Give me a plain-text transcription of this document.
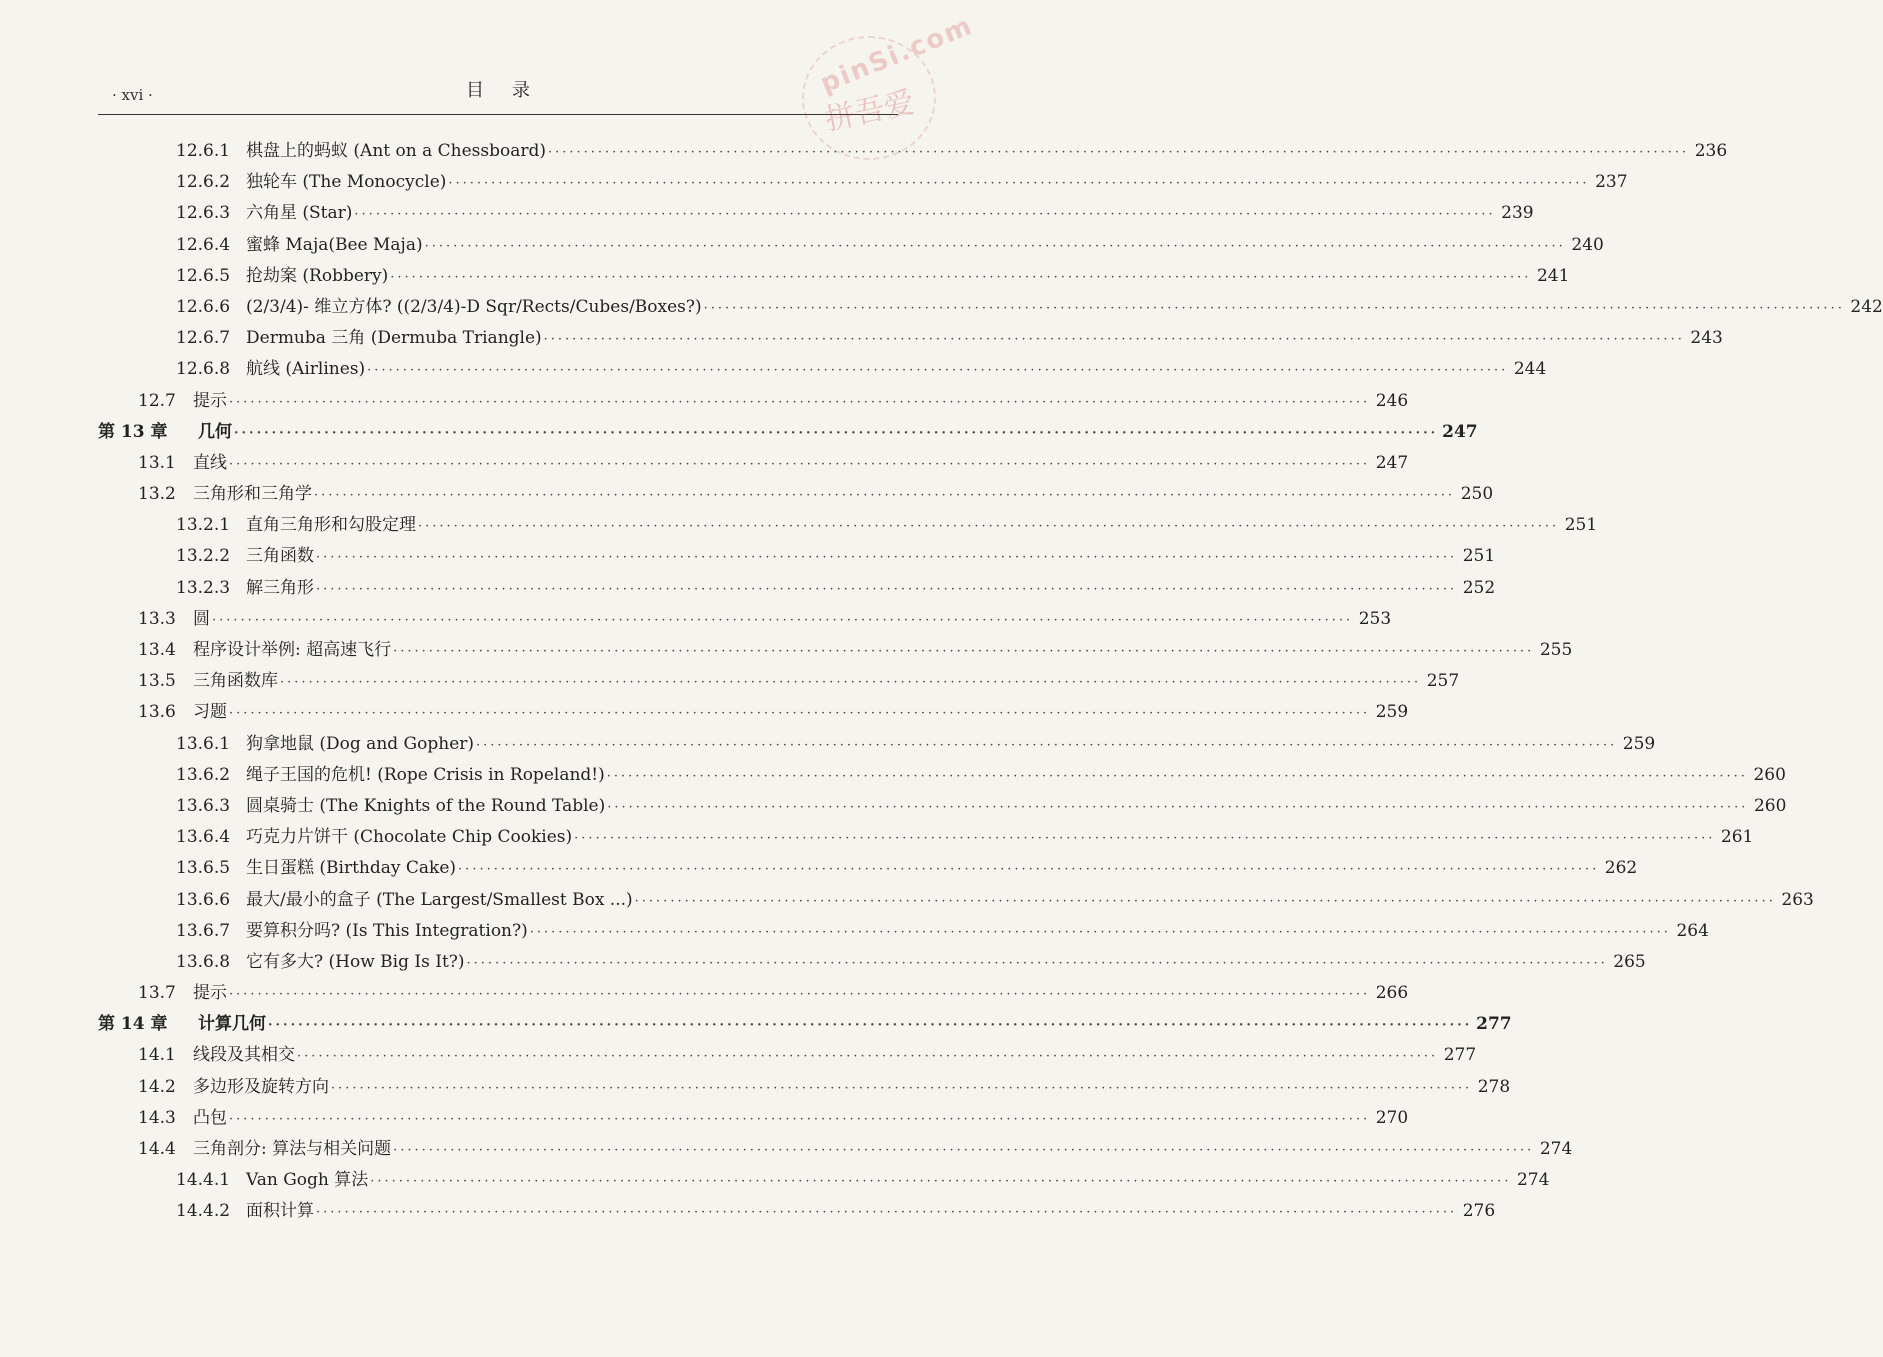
· xvi ·	目录	pinSi.com
拼吾爱
12.6.1 棋盘上的蚂蚁 (Ant on a Chessboard) ·····	236
12.6.2 独轮车 (The Monocycle) ·····	237
12.6.3 六角星 (Star) ·····	239
12.6.4 蜜蜂 Maja(Bee Maja) ·····	240
12.6.5 抢劫案 (Robbery) ·····	241
12.6.6 (2/3/4)- 维立方体? ((2/3/4)-D Sqr/Rects/Cubes/Boxes?) ·····	242
12.6.7 Dermuba 三角 (Dermuba Triangle) ·····	243
12.6.8 航线 (Airlines) ·····	244
12.7	提示 ·····	246
第 13 章	几何 ·····	247
13.1	直线 ·····	247
13.2	三角形和三角学 ·····	250
13.2.1 直角三角形和勾股定理 ·····	251
13.2.2 三角函数 ·····	251
13.2.3 解三角形 ·····	252
13.3	圆 ·····	253
13.4	程序设计举例: 超高速飞行 ·····	255
13.5	三角函数库 ·····	257
13.6	习题 ·····	259
13.6.1 狗拿地鼠 (Dog and Gopher) ·····	259
13.6.2 绳子王国的危机! (Rope Crisis in Ropeland!) ·····	260
13.6.3 圆桌骑士 (The Knights of the Round Table) ·····	260
13.6.4 巧克力片饼干 (Chocolate Chip Cookies) ·····	261
13.6.5 生日蛋糕 (Birthday Cake) ·····	262
13.6.6 最大/最小的盒子 (The Largest/Smallest Box ...) ·····	263
13.6.7 要算积分吗? (Is This Integration?) ·····	264
13.6.8 它有多大? (How Big Is It?) ·····	265
13.7	提示 ·····	266
第 14 章	计算几何 ·····	277
14.1	线段及其相交 ·····	277
14.2	多边形及旋转方向 ·····	278
14.3	凸包 ·····	270
14.4	三角剖分: 算法与相关问题 ·····	274
14.4.1 Van Gogh 算法 ·····	274
14.4.2 面积计算 ·····	276
